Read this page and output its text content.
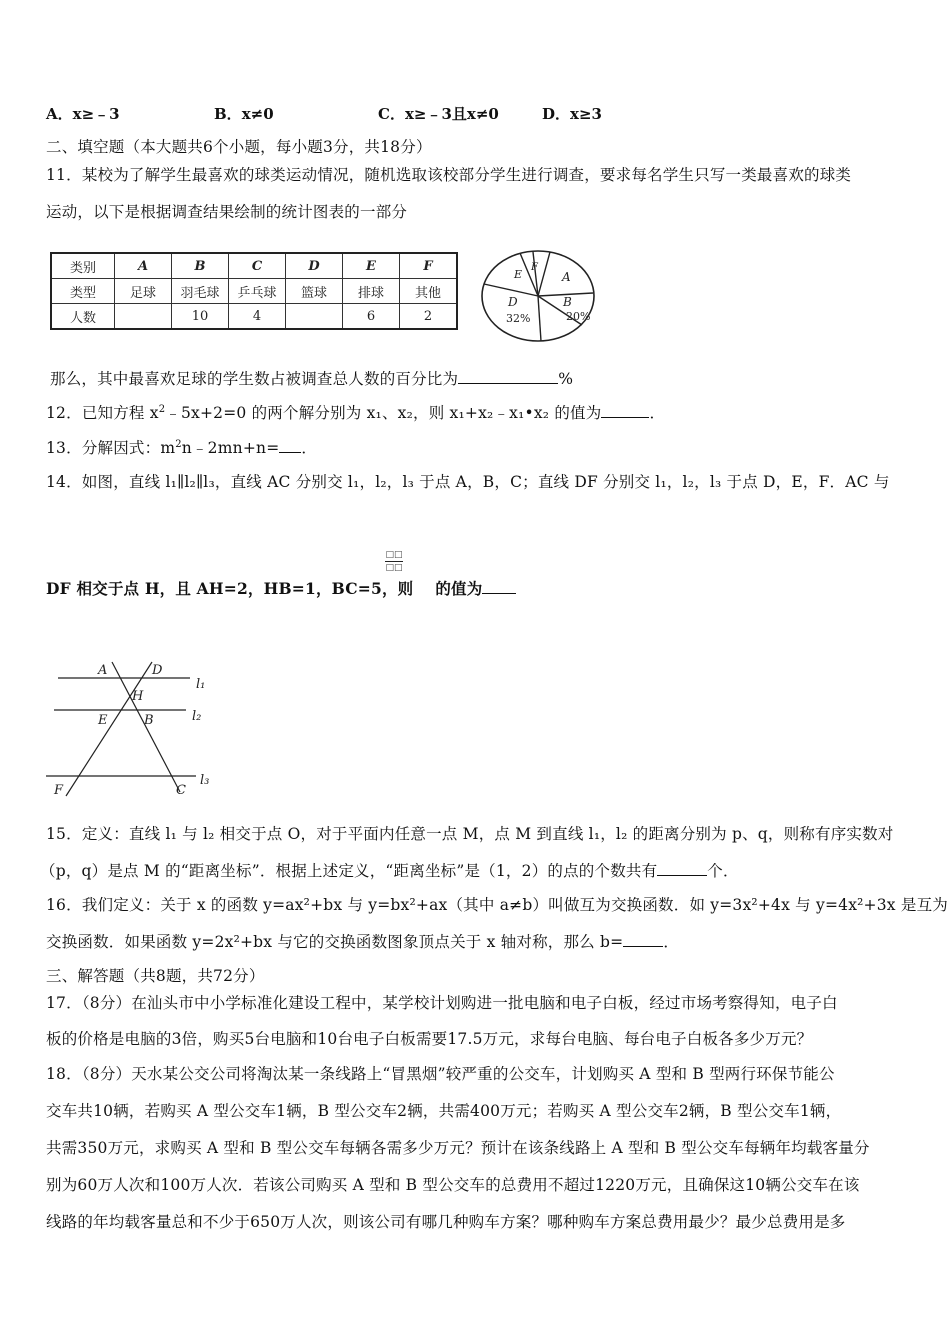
A．x≥﹣3	B．x≠0	C．x≥﹣3且x≠0	D．x≥3
二、填空题（本大题共6个小题，每小题3分，共18分）
11．某校为了解学生最喜欢的球类运动情况，随机选取该校部分学生进行调查，要求每名学生只写一类最喜欢的球类
运动，以下是根据调查结果绘制的统计图表的一部分
类别	A	B	C	D	E	F
类型	足球	羽毛球	乒乓球	篮球	排球	其他
人数		10	4		6	2
A
B
20%
D
32%
E
F
那么，其中最喜欢足球的学生数占被调查总人数的百分比为	%
12．已知方程 $x^2﹣5x+2=0$ 的两个解分别为 x₁、x₂，则 x₁+x₂﹣x₁•x₂ 的值为	．
13．分解因式：$m^2n﹣2mn+n=$ ．
14．如图，直线 l₁∥l₂∥l₃，直线 AC 分别交 l₁，l₂，l₃ 于点 A，B，C；直线 DF 分别交 l₁，l₂，l₃ 于点 D，E，F．AC 与
□□
□□
DF 相交于点 H，且 AH=2，HB=1，BC=5，则 的值为
A	D
H
E	B
F	C
l₁
l₂
l₃
15．定义：直线 l₁ 与 l₂ 相交于点 O，对于平面内任意一点 M，点 M 到直线 l₁，l₂ 的距离分别为 p、q，则称有序实数对
（p，q）是点 M 的“距离坐标”．根据上述定义，“距离坐标”是（1，2）的点的个数共有	个．
16．我们定义：关于 x 的函数 y=ax²+bx 与 y=bx²+ax（其中 a≠b）叫做互为交换函数．如 y=3x²+4x 与 y=4x²+3x 是互为
交换函数．如果函数 y=2x²+bx 与它的交换函数图象顶点关于 x 轴对称，那么 b=	．
三、解答题（共8题，共72分）
17．（8分）在汕头市中小学标准化建设工程中，某学校计划购进一批电脑和电子白板，经过市场考察得知，电子白
板的价格是电脑的3倍，购买5台电脑和10台电子白板需要17.5万元，求每台电脑、每台电子白板各多少万元？
18．（8分）天水某公交公司将淘汰某一条线路上“冒黑烟”较严重的公交车，计划购买 A 型和 B 型两行环保节能公
交车共10辆，若购买 A 型公交车1辆，B 型公交车2辆，共需400万元；若购买 A 型公交车2辆，B 型公交车1辆，
共需350万元，求购买 A 型和 B 型公交车每辆各需多少万元？预计在该条线路上 A 型和 B 型公交车每辆年均载客量分
别为60万人次和100万人次．若该公司购买 A 型和 B 型公交车的总费用不超过1220万元，且确保这10辆公交车在该
线路的年均载客量总和不少于650万人次，则该公司有哪几种购车方案？哪种购车方案总费用最少？最少总费用是多
